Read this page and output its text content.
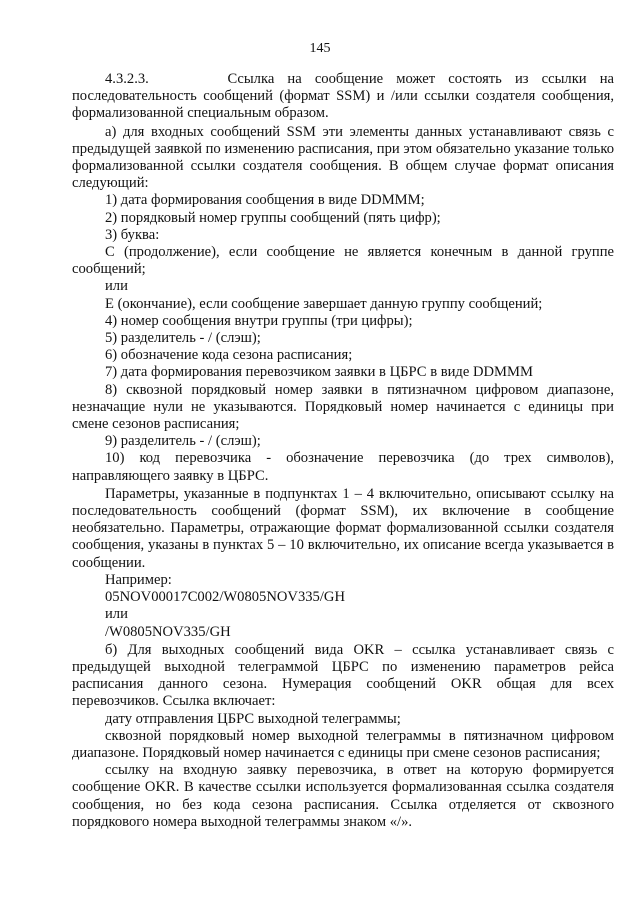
145

4.3.2.3.      Ссылка на сообщение может состоять из ссылки на последовательность сообщений (формат SSM) и /или ссылки создателя сообщения, формализованной специальным образом.

а) для входных сообщений SSM эти элементы данных устанавливают связь с предыдущей заявкой по изменению расписания, при этом обязательно указание только формализованной ссылки создателя сообщения. В общем случае формат описания следующий:

1) дата формирования сообщения в виде DDMMM;

2) порядковый номер группы сообщений (пять цифр);

3) буква:

С (продолжение), если сообщение не является конечным в данной группе сообщений;

или

Е (окончание), если сообщение завершает данную группу сообщений;

4) номер сообщения внутри группы (три цифры);

5) разделитель - / (слэш);

6) обозначение кода сезона расписания;

7) дата формирования перевозчиком заявки в ЦБРС в виде DDMMM

8) сквозной порядковый номер заявки в пятизначном цифровом диапазоне, незначащие нули не указываются. Порядковый номер начинается с единицы при смене сезонов расписания;

9) разделитель - / (слэш);

10) код перевозчика - обозначение перевозчика (до трех символов), направляющего заявку в ЦБРС.

Параметры, указанные в подпунктах 1 – 4 включительно, описывают ссылку на последовательность сообщений (формат SSM), их включение в сообщение необязательно. Параметры, отражающие формат формализованной ссылки создателя сообщения, указаны в пунктах 5 – 10 включительно, их описание всегда указывается в сообщении.

Например:

05NOV00017C002/W0805NOV335/GH

или

/W0805NOV335/GH

б) Для выходных сообщений вида OKR – ссылка устанавливает связь с предыдущей выходной телеграммой ЦБРС по изменению параметров рейса расписания данного сезона. Нумерация сообщений OKR общая для всех перевозчиков. Ссылка включает:

дату отправления ЦБРС выходной телеграммы;

сквозной порядковый номер выходной телеграммы в пятизначном цифровом диапазоне. Порядковый номер начинается с единицы при смене сезонов расписания;

ссылку на входную заявку перевозчика, в ответ на которую формируется сообщение OKR. В качестве ссылки используется формализованная ссылка создателя сообщения, но без кода сезона расписания. Ссылка отделяется от сквозного порядкового номера выходной телеграммы знаком «/».
